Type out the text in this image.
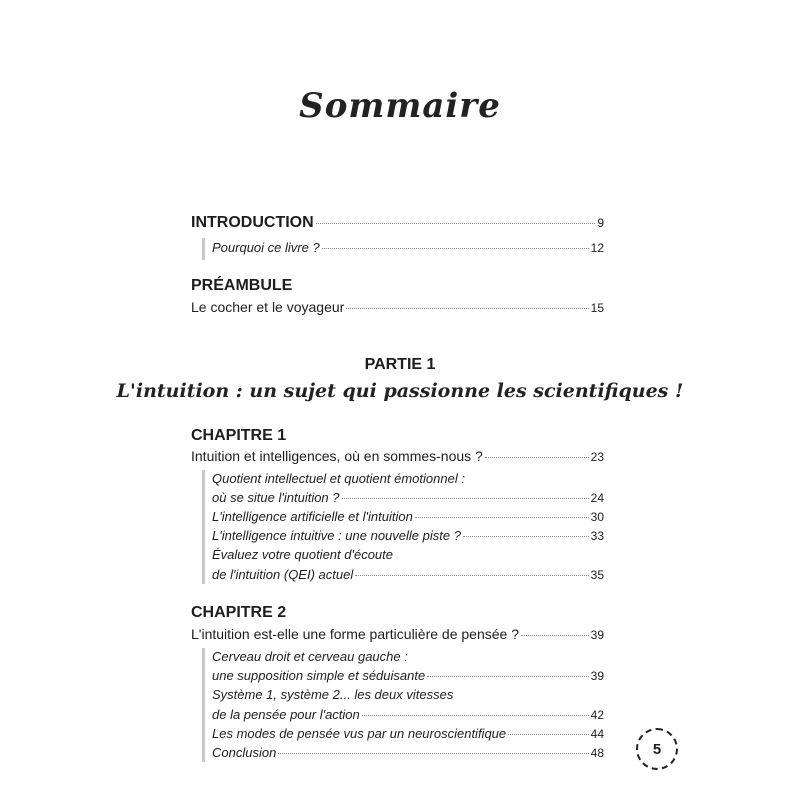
Sommaire
INTRODUCTION	9
Pourquoi ce livre ?	12
PRÉAMBULE
Le cocher et le voyageur	15
PARTIE 1
L'intuition : un sujet qui passionne les scientifiques !
CHAPITRE 1
Intuition et intelligences, où en sommes-nous ?	23
Quotient intellectuel et quotient émotionnel :
où se situe l'intuition ?	24
L'intelligence artificielle et l'intuition	30
L'intelligence intuitive : une nouvelle piste ?	33
Évaluez votre quotient d'écoute
de l'intuition (QEI) actuel	35
CHAPITRE 2
L'intuition est-elle une forme particulière de pensée ?	39
Cerveau droit et cerveau gauche :
une supposition simple et séduisante	39
Système 1, système 2... les deux vitesses
de la pensée pour l'action	42
Les modes de pensée vus par un neuroscientifique	44
Conclusion	48	5
